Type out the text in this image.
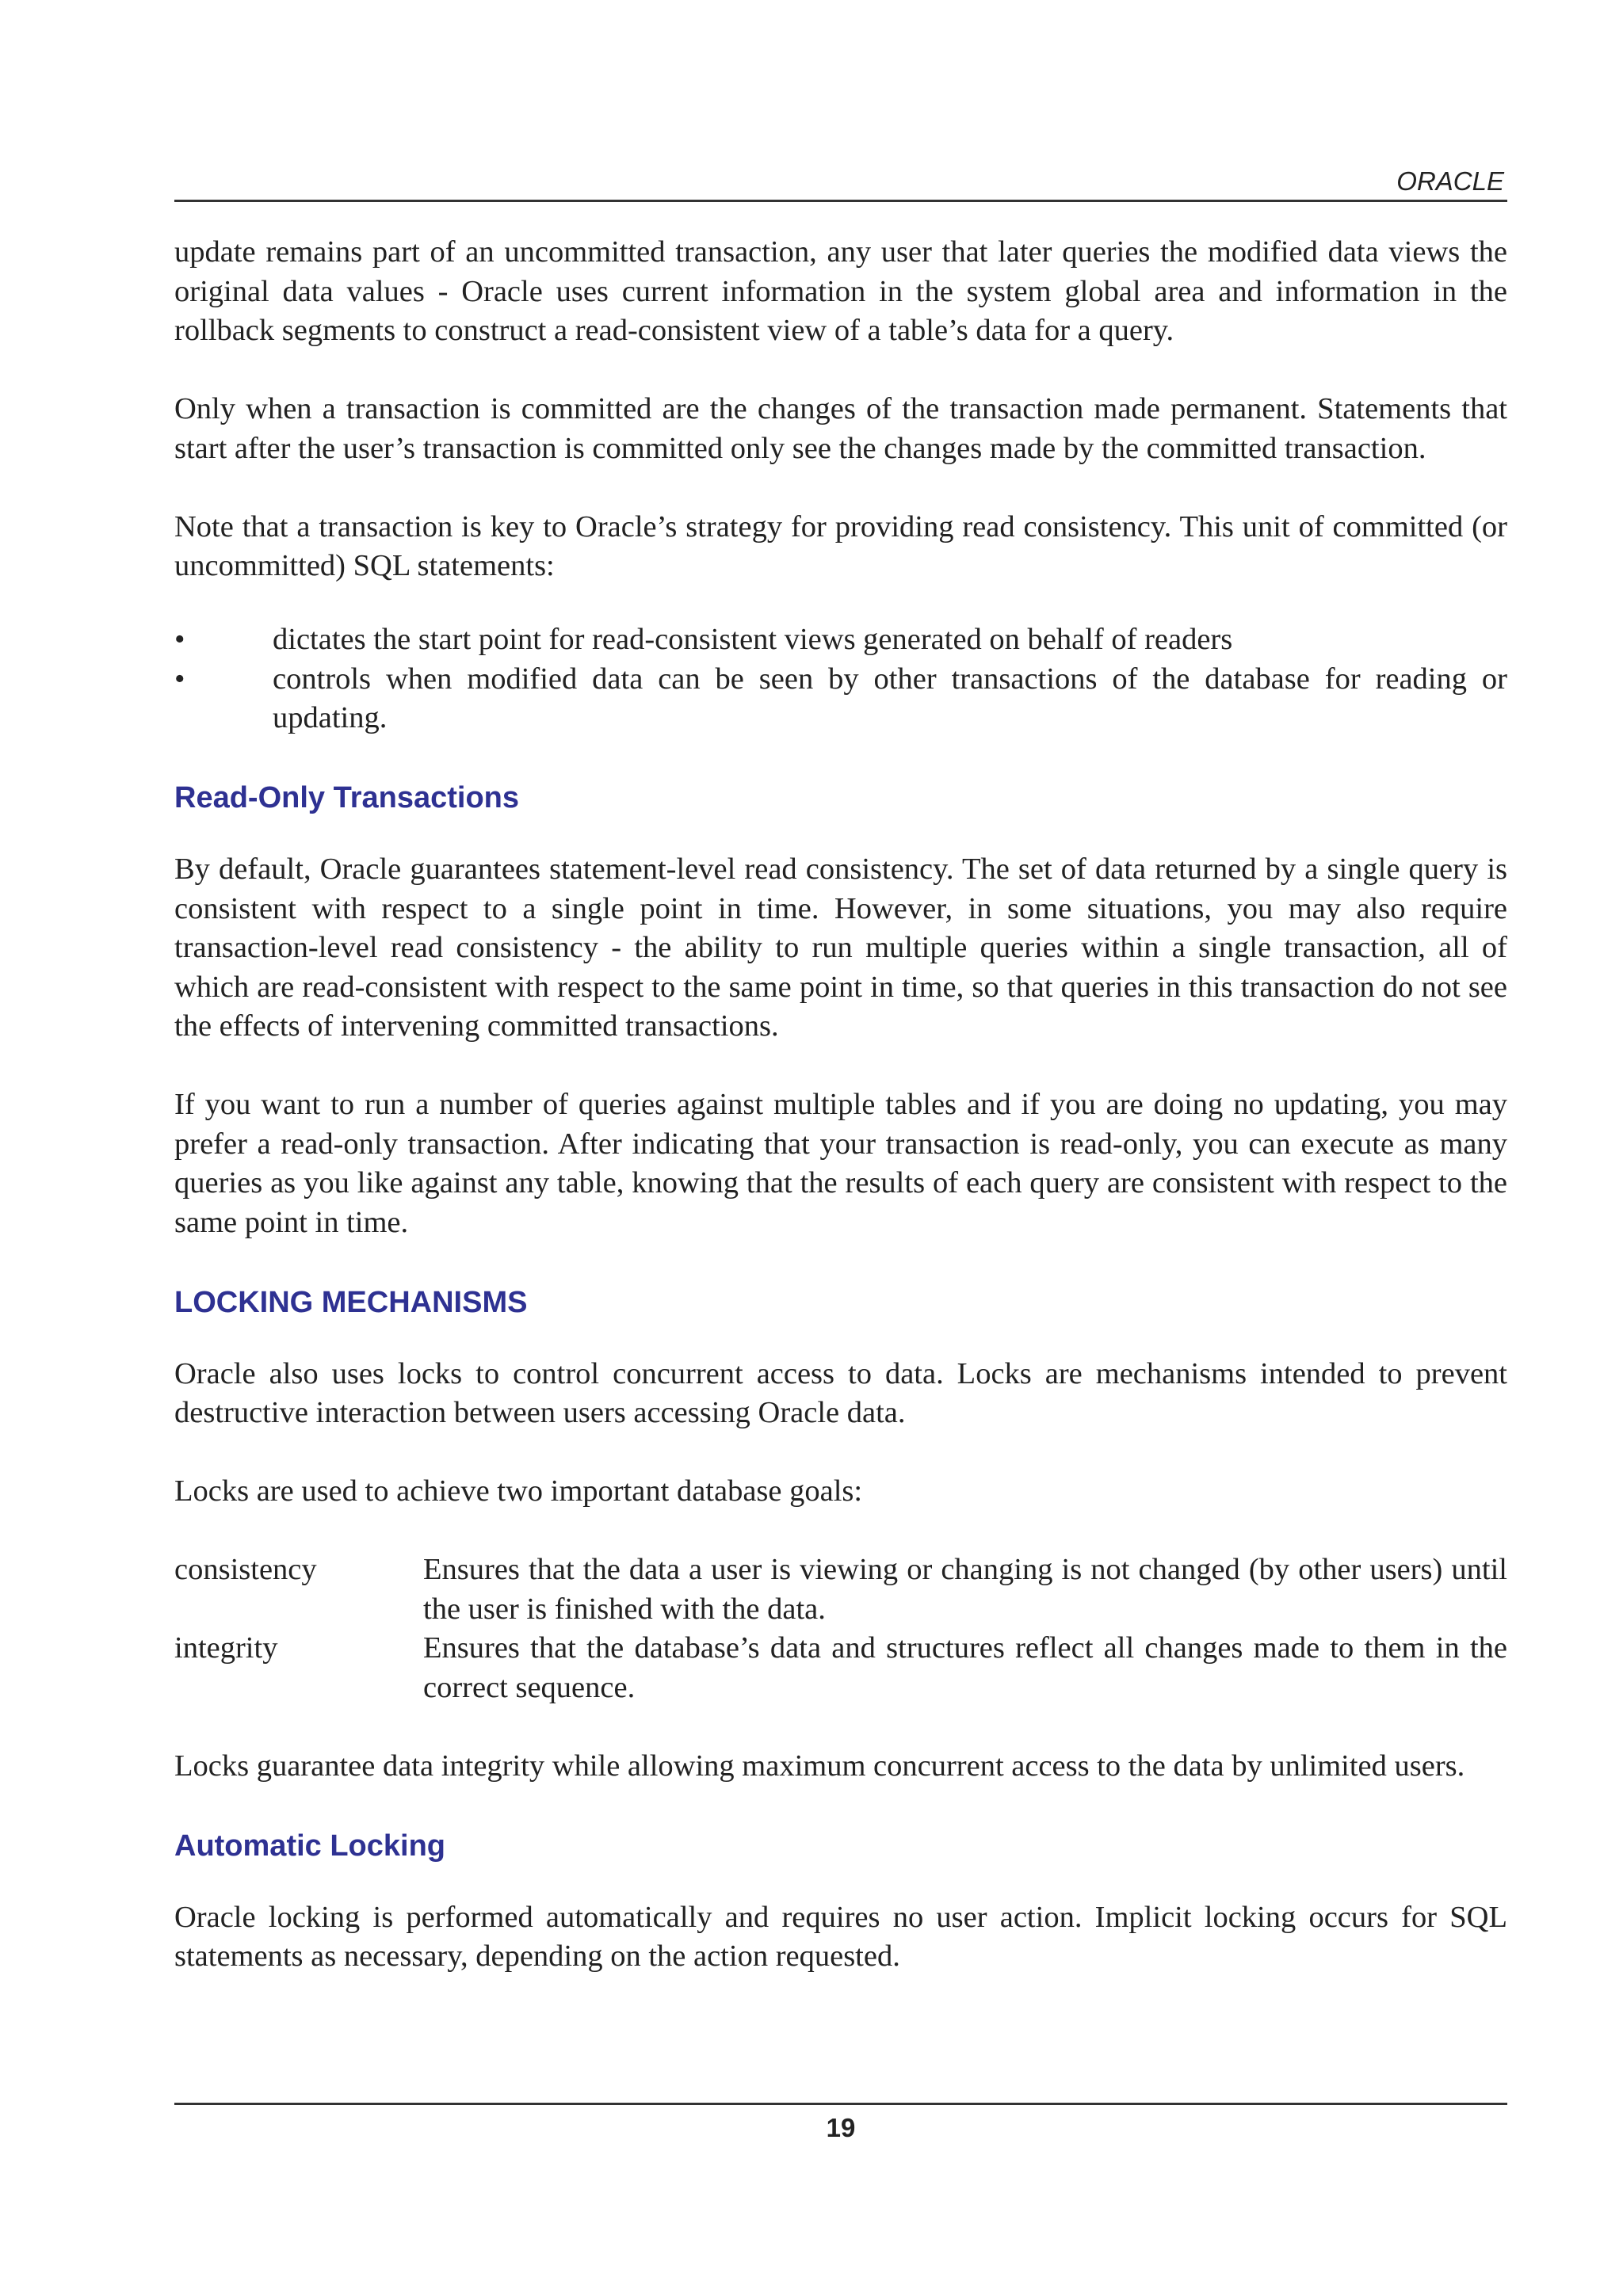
ORACLE

update remains part of an uncommitted transaction, any user that later queries the modified data views the original data values - Oracle uses current information in the system global area and information in the rollback segments to construct a read-consistent view of a table’s data for a query.

Only when a transaction is committed are the changes of the transaction made permanent. Statements that start after the user’s transaction is committed only see the changes made by the committed transaction.

Note that a transaction is key to Oracle’s strategy for providing read consistency. This unit of committed (or uncommitted) SQL statements:

•	dictates the start point for read-consistent views generated on behalf of readers
•	controls when modified data can be seen by other transactions of the database for reading or updating.
Read-Only Transactions

By default, Oracle guarantees statement-level read consistency. The set of data returned by a single query is consistent with respect to a single point in time. However, in some situations, you may also require transaction-level read consistency - the ability to run multiple queries within a single transaction, all of which are read-consistent with respect to the same point in time, so that queries in this transaction do not see the effects of intervening committed transactions.

If you want to run a number of queries against multiple tables and if you are doing no updating, you may prefer a read-only transaction. After indicating that your transaction is read-only, you can execute as many queries as you like against any table, knowing that the results of each query are consistent with respect to the same point in time.

LOCKING MECHANISMS

Oracle also uses locks to control concurrent access to data. Locks are mechanisms intended to prevent destructive interaction between users accessing Oracle data.

Locks are used to achieve two important database goals:

consistency	Ensures that the data a user is viewing or changing is not changed (by other users) until the user is finished with the data.
integrity	Ensures that the database’s data and structures reflect all changes made to them in the correct sequence.

Locks guarantee data integrity while allowing maximum concurrent access to the data by unlimited users.

Automatic Locking

Oracle locking is performed automatically and requires no user action. Implicit locking occurs for SQL statements as necessary, depending on the action requested.

19
